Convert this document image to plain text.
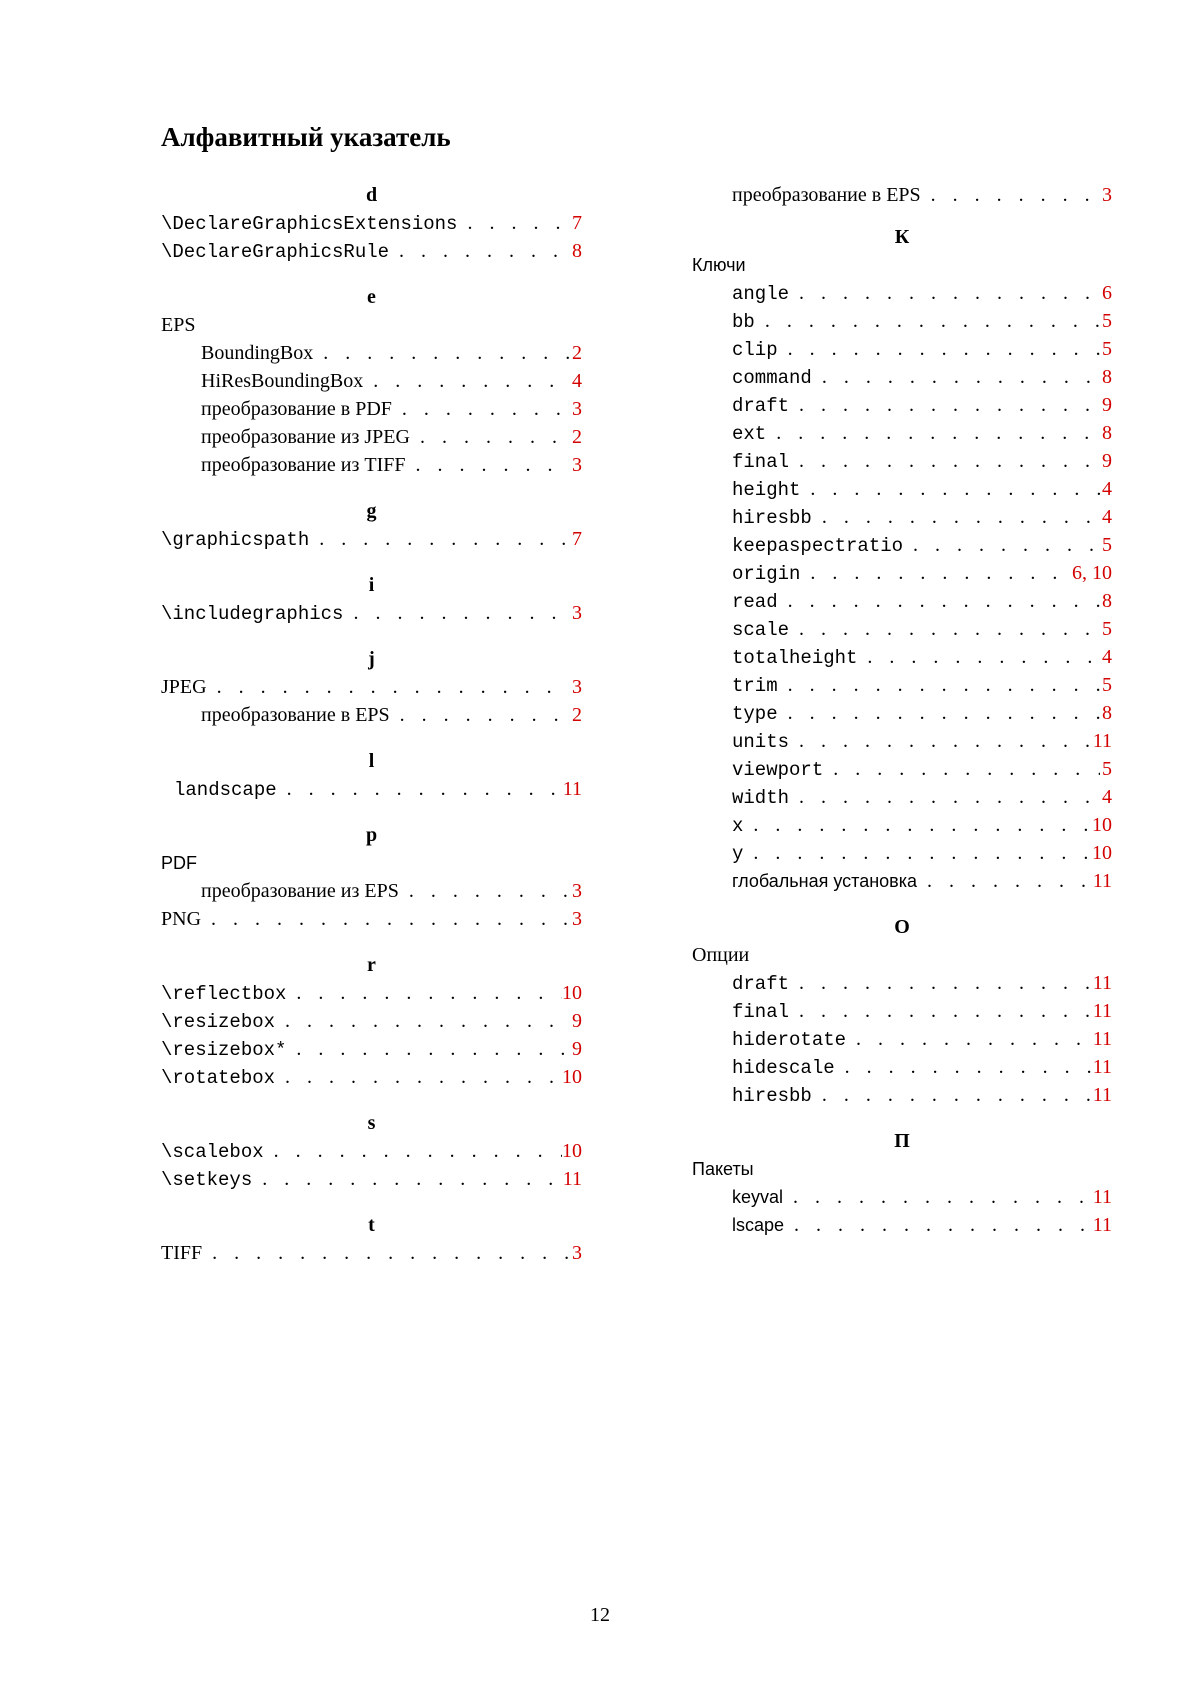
Алфавитный указатель
d
\DeclareGraphicsExtensions . . .	7
\DeclareGraphicsRule . . .	8
e
EPS
BoundingBox . . .	2
HiResBoundingBox . . .	4
преобразование в PDF . . .	3
преобразование из JPEG . . .	2
преобразование из TIFF . . .	3
g
\graphicspath . . .	7
i
\includegraphics . . .	3
j
JPEG . . .	3
преобразование в EPS . . .	2
l
landscape . . .	11
p
PDF
преобразование из EPS . . .	3
PNG . . .	3
r
\reflectbox . . .	10
\resizebox . . .	9
\resizebox* . . .	9
\rotatebox . . .	10
s
\scalebox . . .	10
\setkeys . . .	11
t
TIFF . . .	3
преобразование в EPS . . .	3
К
Ключи
angle . . .	6
bb . . .	5
clip . . .	5
command . . .	8
draft . . .	9
ext . . .	8
final . . .	9
height . . .	4
hiresbb . . .	4
keepaspectratio . . .	5
origin . . .	6, 10
read . . .	8
scale . . .	5
totalheight . . .	4
trim . . .	5
type . . .	8
units . . .	11
viewport . . .	5
width . . .	4
x . . .	10
y . . .	10
глобальная установка . . .	11
О
Опции
draft . . .	11
final . . .	11
hiderotate . . .	11
hidescale . . .	11
hiresbb . . .	11
П
Пакеты
keyval . . .	11
lscape . . .	11
12
